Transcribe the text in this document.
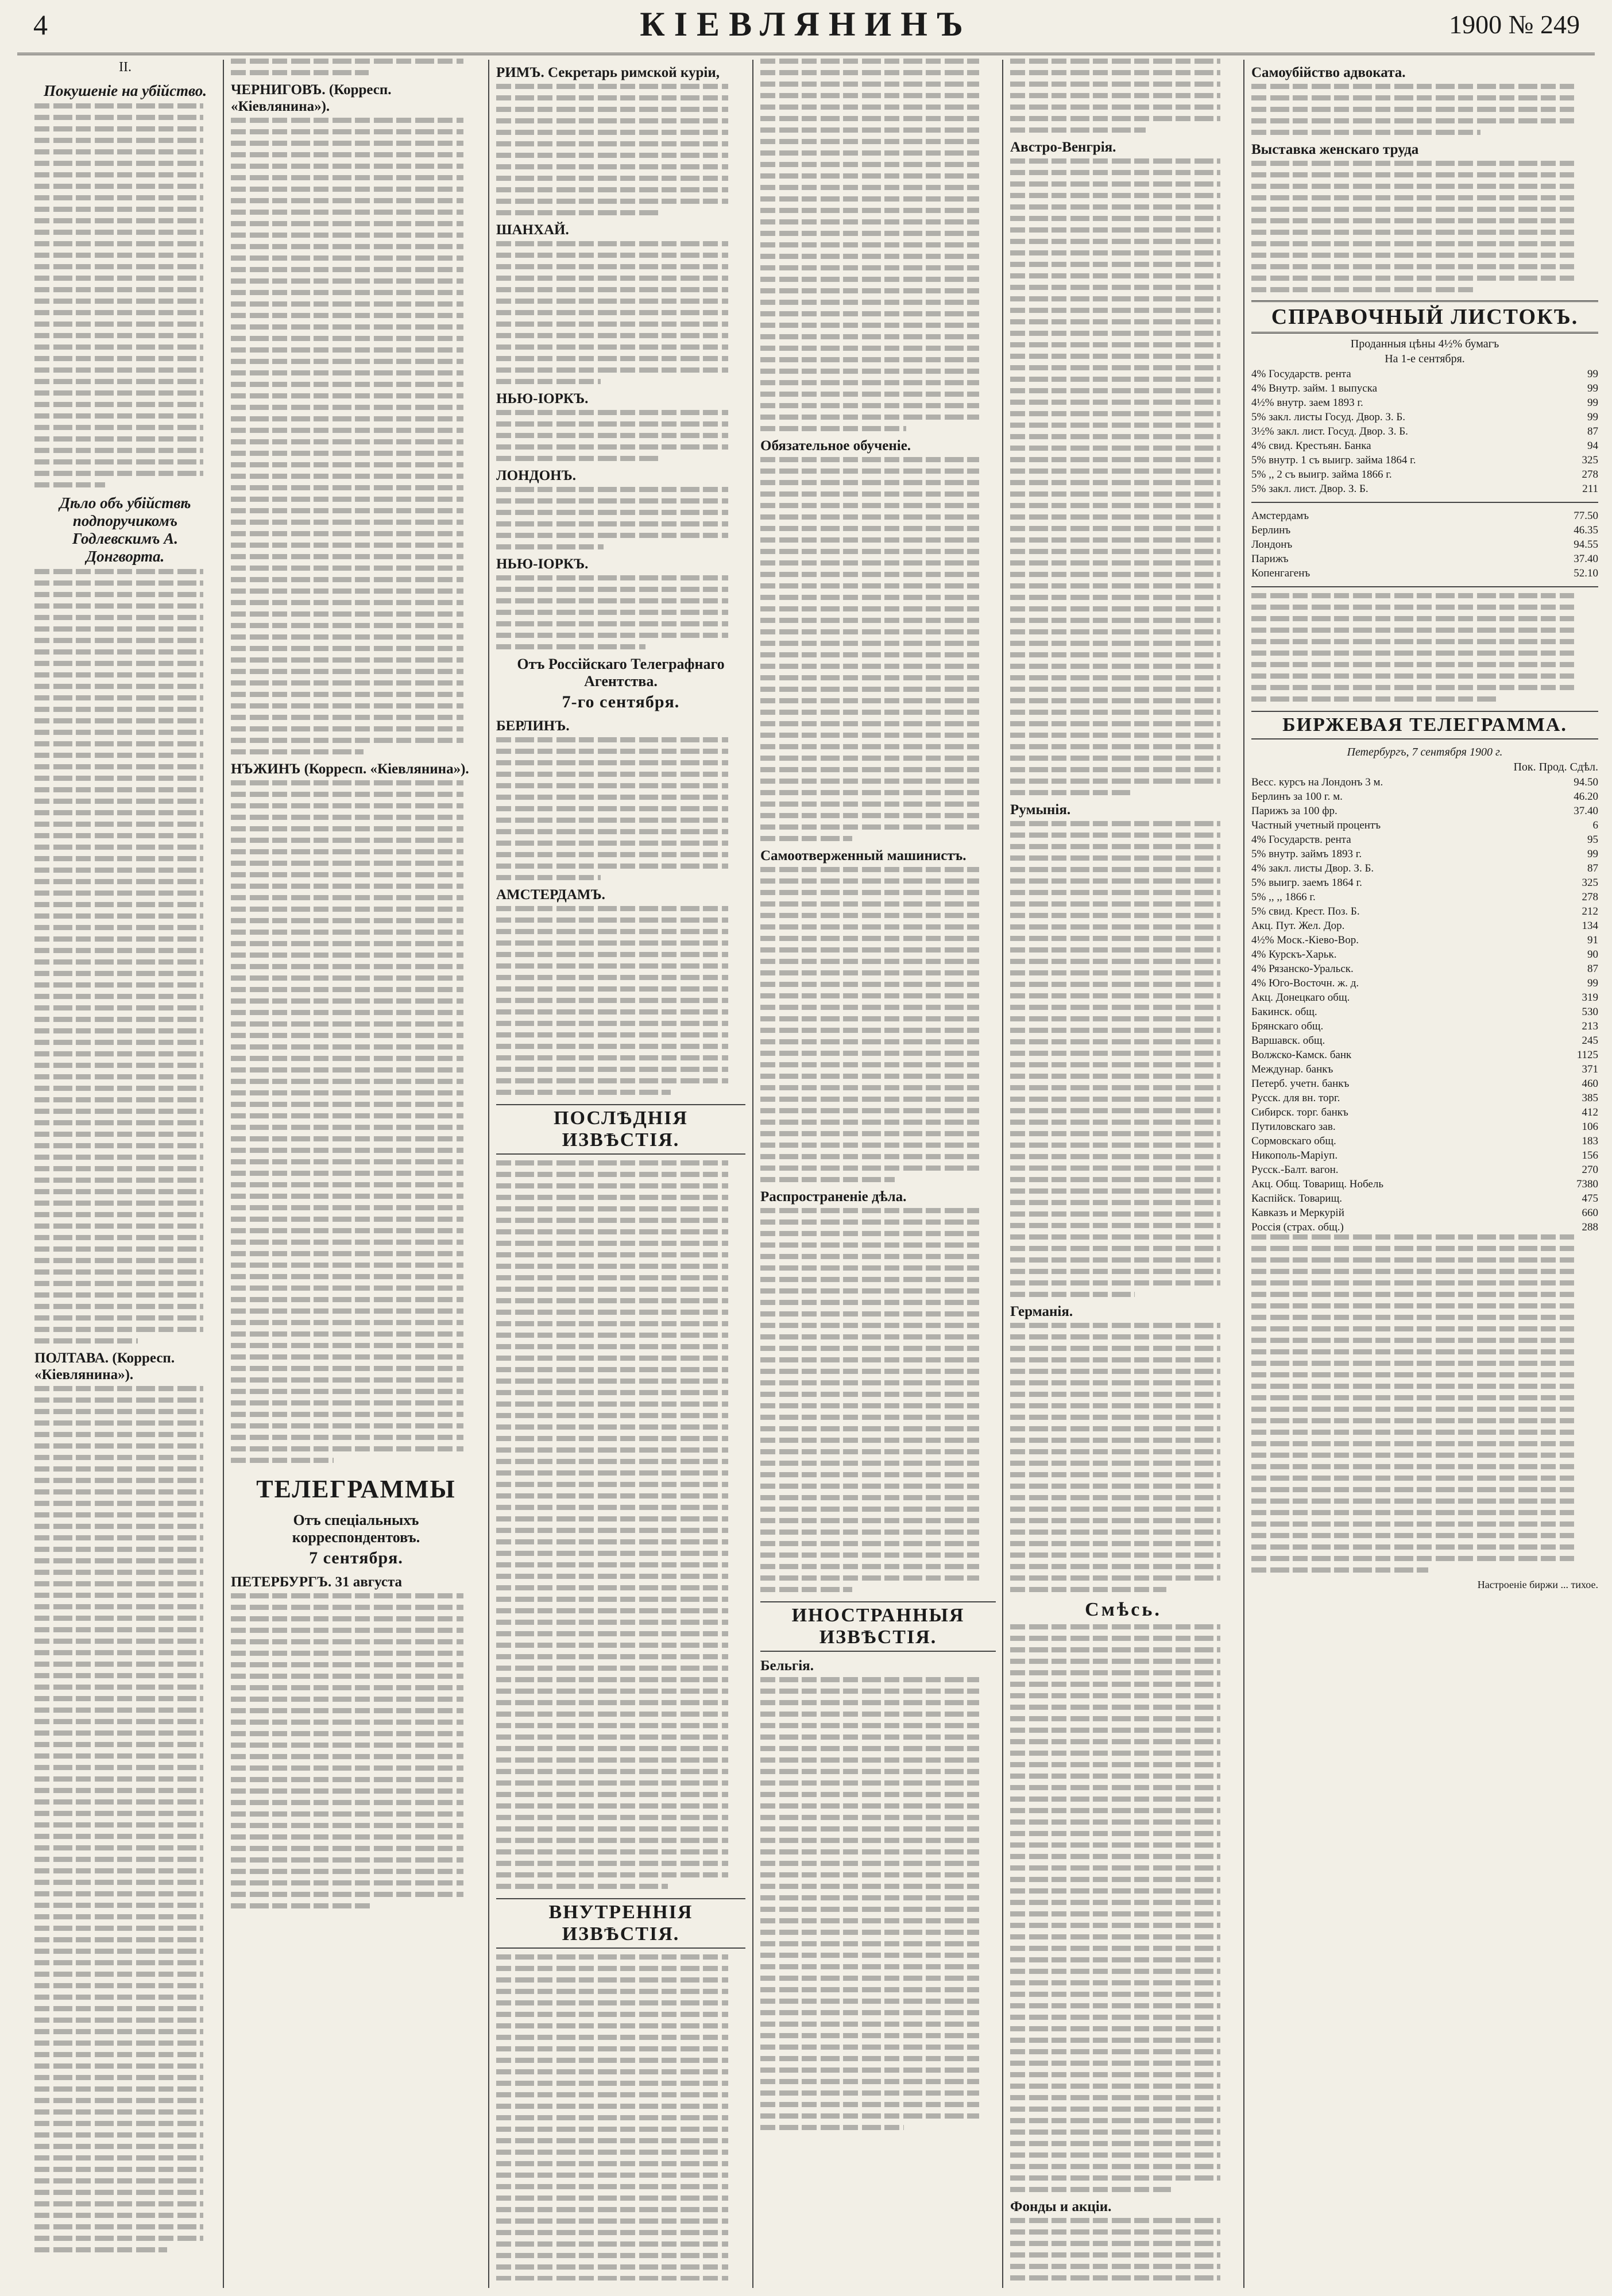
4	КІЕВЛЯНИНЪ	1900 № 249
II.
Покушеніе на убійство.
Дѣло объ убійствѣ подпоручикомъ Годлевскимъ А. Донгворта.
ПОЛТАВА. (Корресп. «Кіевлянина»).
ЧЕРНИГОВЪ. (Корресп. «Кіевлянина»).
НЪЖИНЪ (Корресп. «Кіевлянина»).
ТЕЛЕГРАММЫ
Отъ спеціальныхъ корреспондентовъ.
7 сентября.
ПЕТЕРБУРГЪ. 31 августа
РИМЪ. Секретарь римской куріи,
ШАНХАЙ.
НЬЮ-ІОРКЪ.
ЛОНДОНЪ.
НЬЮ-ІОРКЪ.
Отъ Россійскаго Телеграфнаго Агентства.
7-го сентября.
БЕРЛИНЪ.
АМСТЕРДАМЪ.
ПОСЛѢДНІЯ ИЗВѢСТІЯ.
ВНУТРЕННІЯ ИЗВѢСТІЯ.
Обязательное обученіе.
Самоотверженный машинистъ.
Распространеніе дѣла.
ИНОСТРАННЫЯ ИЗВѢСТІЯ.
Бельгія.
Австро-Венгрія.
Румынія.
Германія.
Смѣсь.
Фонды и акціи.
Самоубійство адвоката.
Выставка женскаго труда
СПРАВОЧНЫЙ ЛИСТОКЪ.
Проданныя цѣны 4½% бумагъ
На 1-е сентября.
4% Государств. рента	99
4% Внутр. займ. 1 выпуска	99
4½% внутр. заем 1893 г.	99
5% закл. листы Госуд. Двор. З. Б.	99
3½% закл. лист. Госуд. Двор. З. Б.	87
4% свид. Крестьян. Банка	94
5% внутр. 1 съ выигр. займа 1864 г.	325
5% ,, 2 съ выигр. займа 1866 г.	278
5% закл. лист. Двор. З. Б.	211
Амстердамъ	77.50
Берлинъ	46.35
Лондонъ	94.55
Парижъ	37.40
Копенгагенъ	52.10
БИРЖЕВАЯ ТЕЛЕГРАММА.
Петербургъ, 7 сентября 1900 г.
Пок. Прод. Сдѣл.
Весс. курсъ на Лондонъ 3 м.	94.50
Берлинъ за 100 г. м.	46.20
Парижъ за 100 фр.	37.40
Частный учетный процентъ	6
4% Государств. рента	95
5% внутр. займъ 1893 г.	99
4% закл. листы Двор. З. Б.	87
5% выигр. заемъ 1864 г.	325
5% ,, ,, 1866 г.	278
5% свид. Крест. Поз. Б.	212
Акц. Пут. Жел. Дор.	134
4½% Моск.-Кіево-Вор.	91
4% Курскъ-Харьк.	90
4% Рязанско-Уральск.	87
4% Юго-Восточн. ж. д.	99
Акц. Донецкаго общ.	319
Бакинск. общ.	530
Брянскаго общ.	213
Варшавск. общ.	245
Волжско-Камск. банк	1125
Междунар. банкъ	371
Петерб. учетн. банкъ	460
Русск. для вн. торг.	385
Сибирск. торг. банкъ	412
Путиловскаго зав.	106
Сормовскаго общ.	183
Никополь-Маріуп.	156
Русск.-Балт. вагон.	270
Акц. Общ. Товарищ. Нобель	7380
Каспійск. Товарищ.	475
Кавказъ и Меркурій	660
Россія (страх. общ.)	288
Настроеніе биржи ... тихое.
